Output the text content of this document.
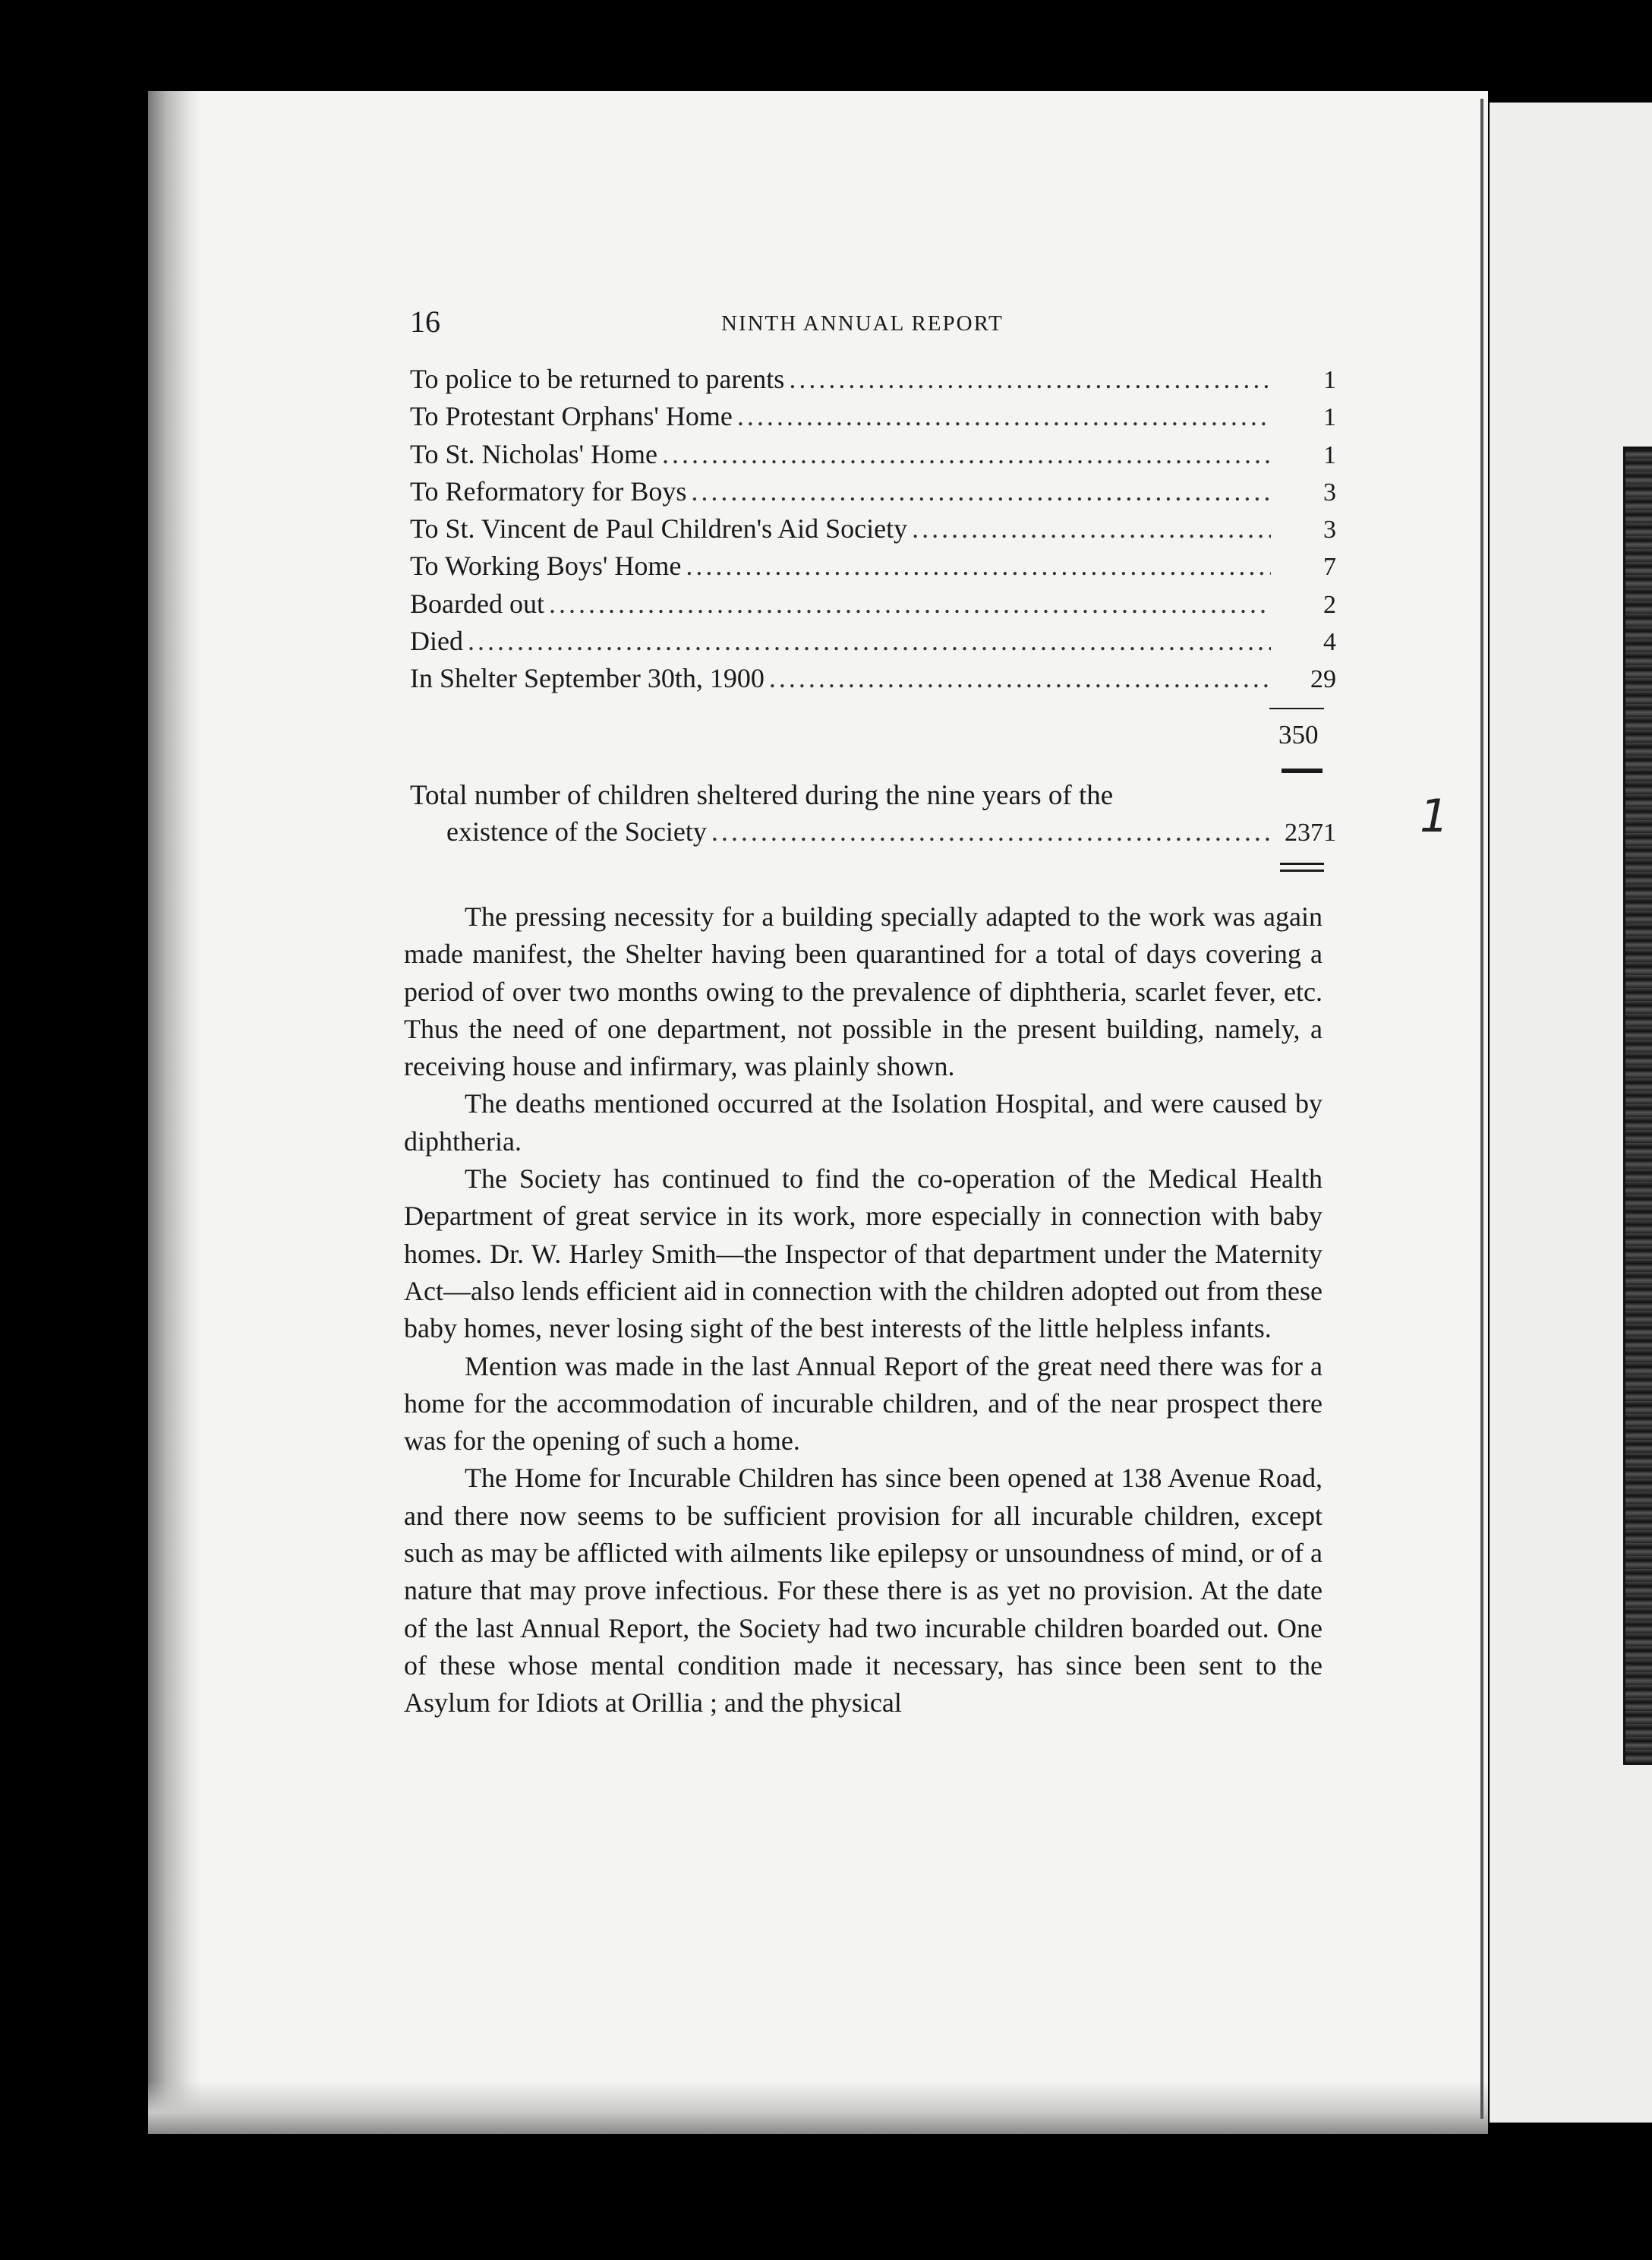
16	NINTH ANNUAL REPORT
To police to be returned to parents .....	1
To Protestant Orphans' Home .....	1
To St. Nicholas' Home .....	1
To Reformatory for Boys .....	3
To St. Vincent de Paul Children's Aid Society .....	3
To Working Boys' Home .....	7
Boarded out .....	2
Died .....	4
In Shelter September 30th, 1900 .....	29
350
Total number of children sheltered during the nine years of the
existence of the Society .....	2371 1

The pressing necessity for a building specially adapted to the work was again made manifest, the Shelter having been quarantined for a total of days covering a period of over two months owing to the prevalence of diphtheria, scarlet fever, etc. Thus the need of one department, not possible in the present building, namely, a receiving house and infirmary, was plainly shown.

The deaths mentioned occurred at the Isolation Hospital, and were caused by diphtheria.

The Society has continued to find the co-operation of the Medical Health Department of great service in its work, more especially in connection with baby homes. Dr. W. Harley Smith—the Inspector of that department under the Maternity Act—also lends efficient aid in connection with the children adopted out from these baby homes, never losing sight of the best interests of the little helpless infants.

Mention was made in the last Annual Report of the great need there was for a home for the accommodation of incurable children, and of the near prospect there was for the opening of such a home.

The Home for Incurable Children has since been opened at 138 Avenue Road, and there now seems to be sufficient provision for all incurable children, except such as may be afflicted with ailments like epilepsy or unsoundness of mind, or of a nature that may prove infectious. For these there is as yet no provision. At the date of the last Annual Report, the Society had two incurable children boarded out. One of these whose mental condition made it necessary, has since been sent to the Asylum for Idiots at Orillia ; and the physical
